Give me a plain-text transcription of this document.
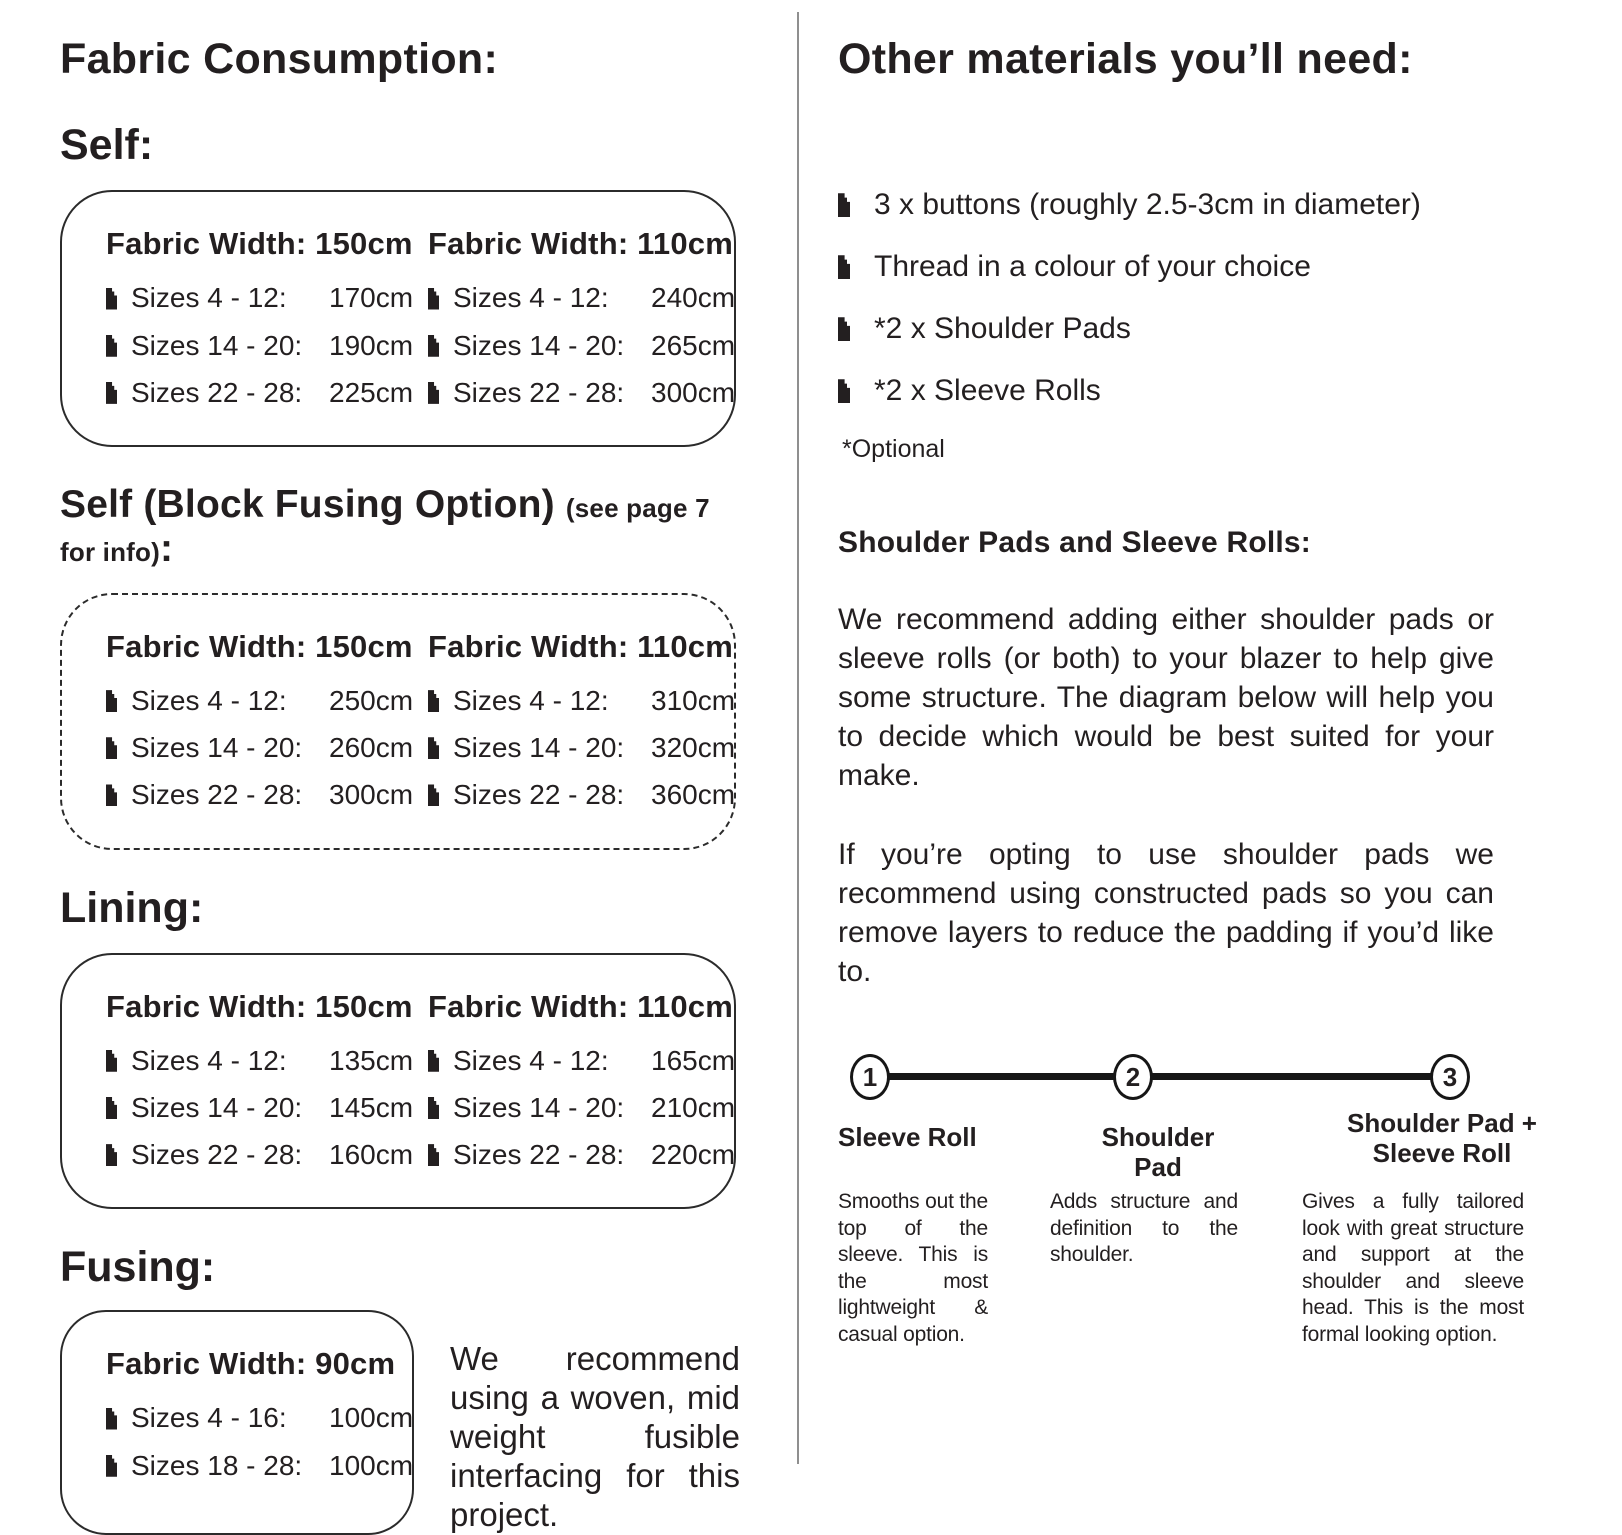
Fabric Consumption:
Self:
Fabric Width: 150cm
Sizes 4 - 12:	170cm
Sizes 14 - 20: 190cm
Sizes 22 - 28: 225cm
Fabric Width: 110cm
Sizes 4 - 12:	240cm
Sizes 14 - 20: 265cm
Sizes 22 - 28: 300cm
Self (Block Fusing Option) (see page 7 for info):
Fabric Width: 150cm
Sizes 4 - 12:	250cm
Sizes 14 - 20: 260cm
Sizes 22 - 28: 300cm
Fabric Width: 110cm
Sizes 4 - 12:	310cm
Sizes 14 - 20: 320cm
Sizes 22 - 28: 360cm
Lining:
Fabric Width: 150cm
Sizes 4 - 12:	135cm
Sizes 14 - 20: 145cm
Sizes 22 - 28: 160cm
Fabric Width: 110cm
Sizes 4 - 12:	165cm
Sizes 14 - 20: 210cm
Sizes 22 - 28: 220cm
Fusing:
Fabric Width: 90cm
Sizes 4 - 16:	100cm
Sizes 18 - 28: 100cm
We recommend using a woven, mid weight fusible interfacing for this project.
Other materials you’ll need:
3 x buttons (roughly 2.5-3cm in diameter)
Thread in a colour of your choice
*2 x Shoulder Pads
*2 x Sleeve Rolls
*Optional
Shoulder Pads and Sleeve Rolls:
We recommend adding either shoulder pads or sleeve rolls (or both) to your blazer to help give some structure. The diagram below will help you to decide which would be best suited for your make.
If you’re opting to use shoulder pads we recommend using constructed pads so you can remove layers to reduce the padding if you’d like to.
1	2	3
Sleeve Roll	Shoulder Pad
Shoulder Pad +
Sleeve Roll
Smooths out the top of the sleeve. This is the most lightweight & casual option.
Adds structure and definition to the shoulder.
Gives a fully tailored look with great structure and support at the shoulder and sleeve head. This is the most formal looking option.
